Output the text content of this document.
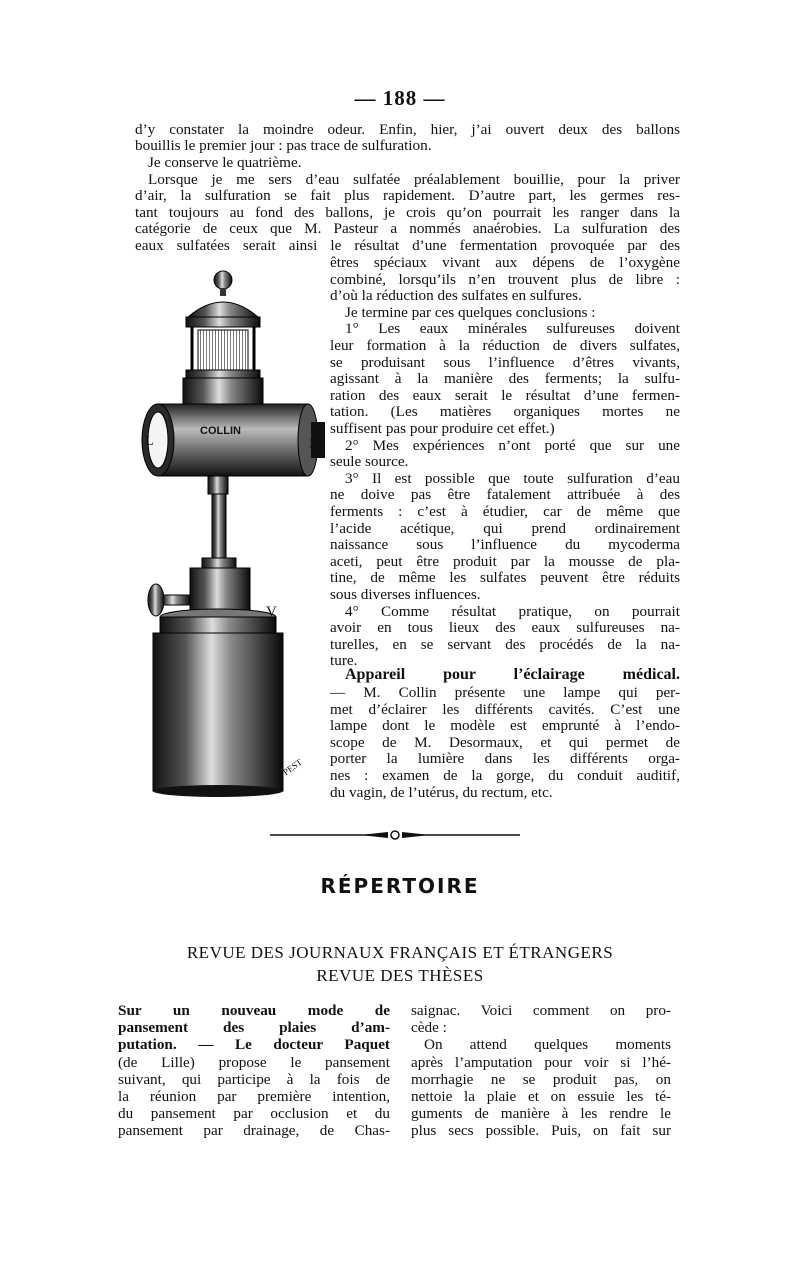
— 188 —
d’y constater la moindre odeur. Enfin, hier, j’ai ouvert deux des ballons
bouillis le premier jour : pas trace de sulfuration.
Je conserve le quatrième.
Lorsque je me sers d’eau sulfatée préalablement bouillie, pour la priver
d’air, la sulfuration se fait plus rapidement. D’autre part, les germes res-
tant toujours au fond des ballons, je crois qu’on pourrait les ranger dans la
catégorie de ceux que M. Pasteur a nommés anaérobies. La sulfuration des
eaux sulfatées serait ainsi le résultat d’une fermentation provoquée par des
êtres spéciaux vivant aux dépens de l’oxygène
combiné, lorsqu’ils n’en trouvent plus de libre :
d’où la réduction des sulfates en sulfures.
Je termine par ces quelques conclusions :
1° Les eaux minérales sulfureuses doivent
leur formation à la réduction de divers sulfates,
se produisant sous l’influence d’êtres vivants,
agissant à la manière des ferments; la sulfu-
ration des eaux serait le résultat d’une fermen-
tation. (Les matières organiques mortes ne
suffisent pas pour produire cet effet.)
2° Mes expériences n’ont porté que sur une
seule source.
3° Il est possible que toute sulfuration d’eau
ne doive pas être fatalement attribuée à des
ferments : c’est à étudier, car de même que
l’acide acétique, qui prend ordinairement
naissance sous l’influence du mycoderma
aceti, peut être produit par la mousse de pla-
tine, de même les sulfates peuvent être réduits
sous diverses influences.
4° Comme résultat pratique, on pourrait
avoir en tous lieux des eaux sulfureuses na-
turelles, en se servant des procédés de la na-
ture.
Appareil pour l’éclairage médical.
— M. Collin présente une lampe qui per-
met d’éclairer les différents cavités. C’est une
lampe dont le modèle est emprunté à l’endo-
scope de M. Desormaux, et qui permet de
porter la lumière dans les différents orga-
nes : examen de la gorge, du conduit auditif,
du vagin, de l’utérus, du rectum, etc.
COLLIN
L	M
V
PEST
RÉPERTOIRE
REVUE DES JOURNAUX FRANÇAIS ET ÉTRANGERS
REVUE DES THÈSES
Sur un nouveau mode de
pansement des plaies d’am-
putation. — Le docteur Paquet
(de Lille) propose le pansement
suivant, qui participe à la fois de
la réunion par première intention,
du pansement par occlusion et du
pansement par drainage, de Chas-
saignac. Voici comment on pro-
cède :
On attend quelques moments
après l’amputation pour voir si l’hé-
morrhagie ne se produit pas, on
nettoie la plaie et on essuie les té-
guments de manière à les rendre le
plus secs possible. Puis, on fait sur
